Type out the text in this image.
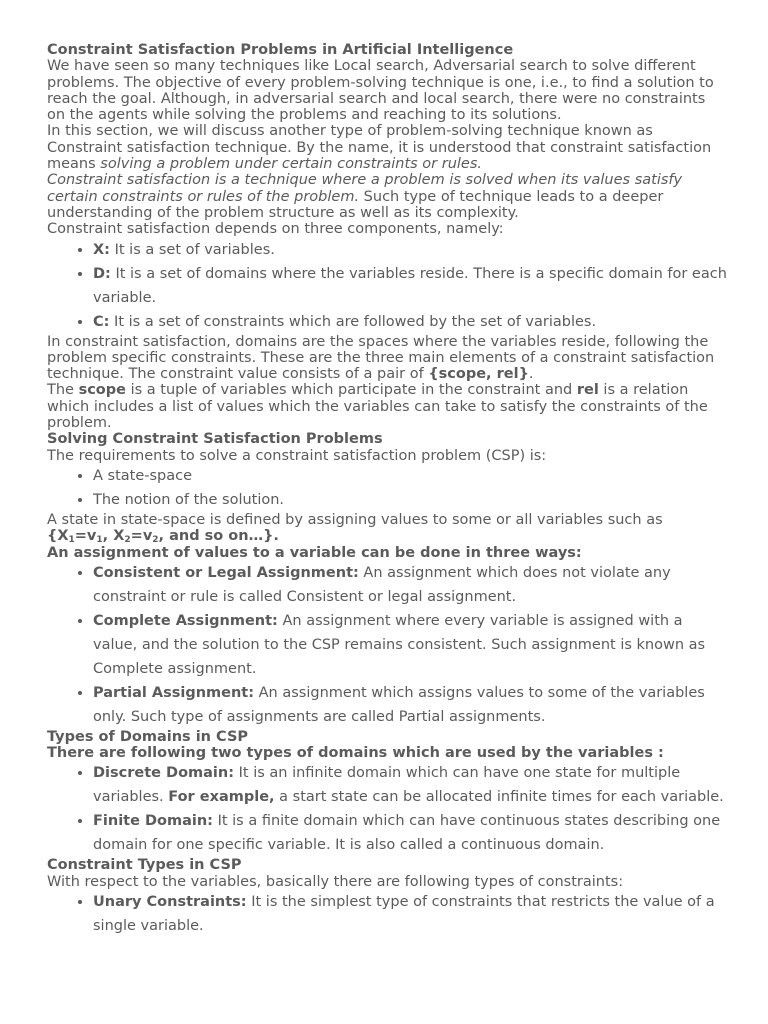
Constraint Satisfaction Problems in Artificial Intelligence

We have seen so many techniques like Local search, Adversarial search to solve different problems. The objective of every problem-solving technique is one, i.e., to find a solution to reach the goal. Although, in adversarial search and local search, there were no constraints on the agents while solving the problems and reaching to its solutions.

In this section, we will discuss another type of problem-solving technique known as Constraint satisfaction technique. By the name, it is understood that constraint satisfaction means solving a problem under certain constraints or rules.

Constraint satisfaction is a technique where a problem is solved when its values satisfy certain constraints or rules of the problem. Such type of technique leads to a deeper understanding of the problem structure as well as its complexity.

Constraint satisfaction depends on three components, namely:

• X: It is a set of variables.
• D: It is a set of domains where the variables reside. There is a specific domain for each variable.
• C: It is a set of constraints which are followed by the set of variables.

In constraint satisfaction, domains are the spaces where the variables reside, following the problem specific constraints. These are the three main elements of a constraint satisfaction technique. The constraint value consists of a pair of {scope, rel}.

The scope is a tuple of variables which participate in the constraint and rel is a relation which includes a list of values which the variables can take to satisfy the constraints of the problem.

Solving Constraint Satisfaction Problems

The requirements to solve a constraint satisfaction problem (CSP) is:

• A state-space
• The notion of the solution.

A state in state-space is defined by assigning values to some or all variables such as

{$X_1=v_1$, $X_2=v_2$, and so on…}.

An assignment of values to a variable can be done in three ways:

• Consistent or Legal Assignment: An assignment which does not violate any constraint or rule is called Consistent or legal assignment.
• Complete Assignment: An assignment where every variable is assigned with a value, and the solution to the CSP remains consistent. Such assignment is known as Complete assignment.
• Partial Assignment: An assignment which assigns values to some of the variables only. Such type of assignments are called Partial assignments.

Types of Domains in CSP

There are following two types of domains which are used by the variables :

• Discrete Domain: It is an infinite domain which can have one state for multiple variables. For example, a start state can be allocated infinite times for each variable.
• Finite Domain: It is a finite domain which can have continuous states describing one domain for one specific variable. It is also called a continuous domain.

Constraint Types in CSP

With respect to the variables, basically there are following types of constraints:

• Unary Constraints: It is the simplest type of constraints that restricts the value of a single variable.
